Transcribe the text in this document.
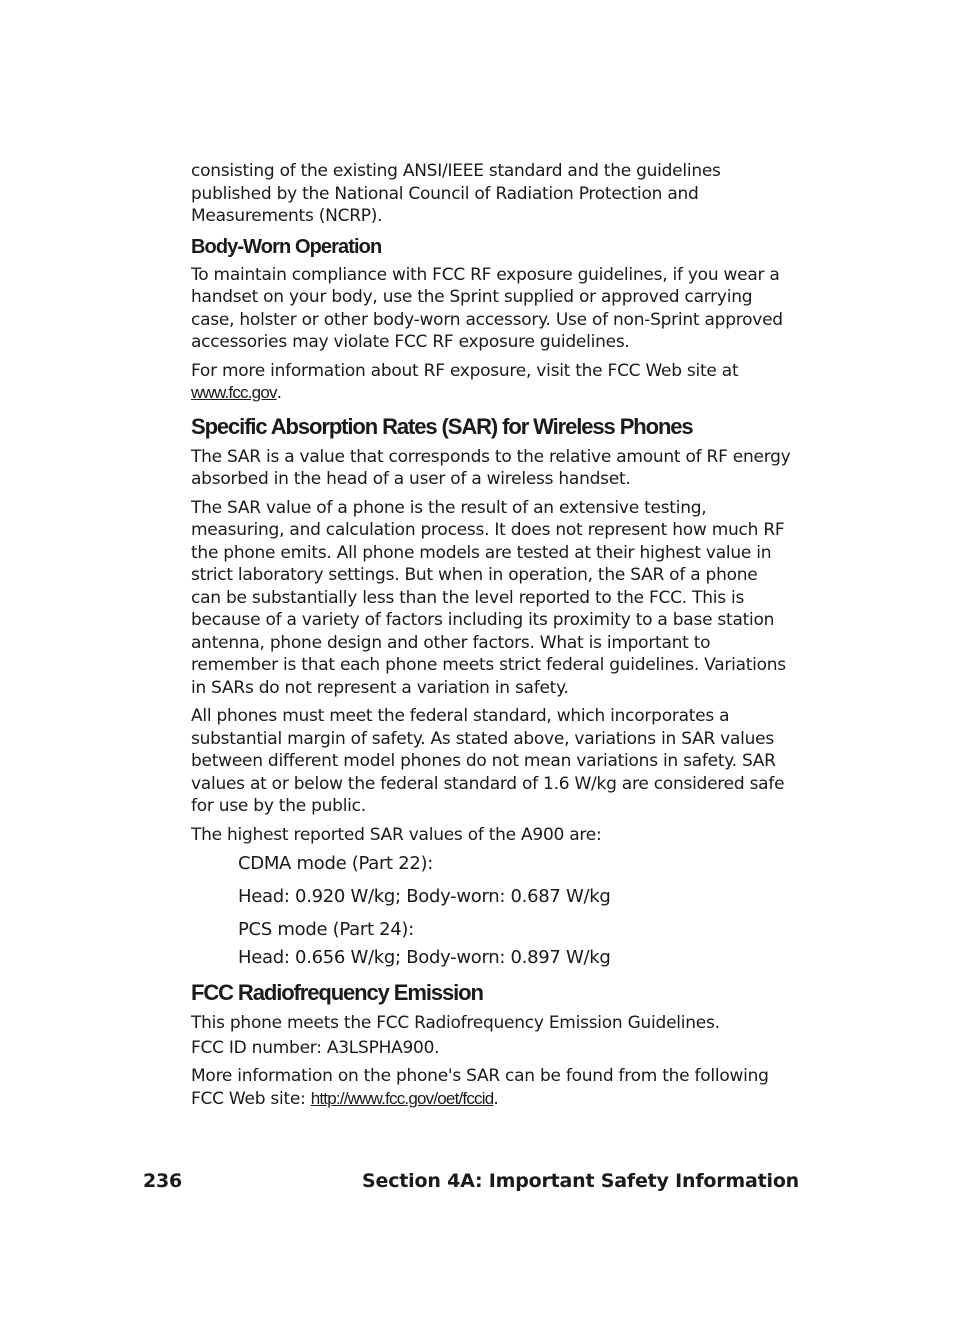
consisting of the existing ANSI/IEEE standard and the guidelines published by the National Council of Radiation Protection and Measurements (NCRP).

Body-Worn Operation

To maintain compliance with FCC RF exposure guidelines, if you wear a handset on your body, use the Sprint supplied or approved carrying case, holster or other body-worn accessory. Use of non-Sprint approved accessories may violate FCC RF exposure guidelines.

For more information about RF exposure, visit the FCC Web site at www.fcc.gov.

Specific Absorption Rates (SAR) for Wireless Phones

The SAR is a value that corresponds to the relative amount of RF energy absorbed in the head of a user of a wireless handset.

The SAR value of a phone is the result of an extensive testing, measuring, and calculation process. It does not represent how much RF the phone emits. All phone models are tested at their highest value in strict laboratory settings. But when in operation, the SAR of a phone can be substantially less than the level reported to the FCC. This is because of a variety of factors including its proximity to a base station antenna, phone design and other factors. What is important to remember is that each phone meets strict federal guidelines. Variations in SARs do not represent a variation in safety.

All phones must meet the federal standard, which incorporates a substantial margin of safety. As stated above, variations in SAR values between different model phones do not mean variations in safety. SAR values at or below the federal standard of 1.6 W/kg are considered safe for use by the public.

The highest reported SAR values of the A900 are:

CDMA mode (Part 22):

Head: 0.920 W/kg; Body-worn: 0.687 W/kg

PCS mode (Part 24):

Head: 0.656 W/kg; Body-worn: 0.897 W/kg

FCC Radiofrequency Emission

This phone meets the FCC Radiofrequency Emission Guidelines.

FCC ID number: A3LSPHA900.

More information on the phone's SAR can be found from the following FCC Web site: http://www.fcc.gov/oet/fccid.

236	Section 4A: Important Safety Information
